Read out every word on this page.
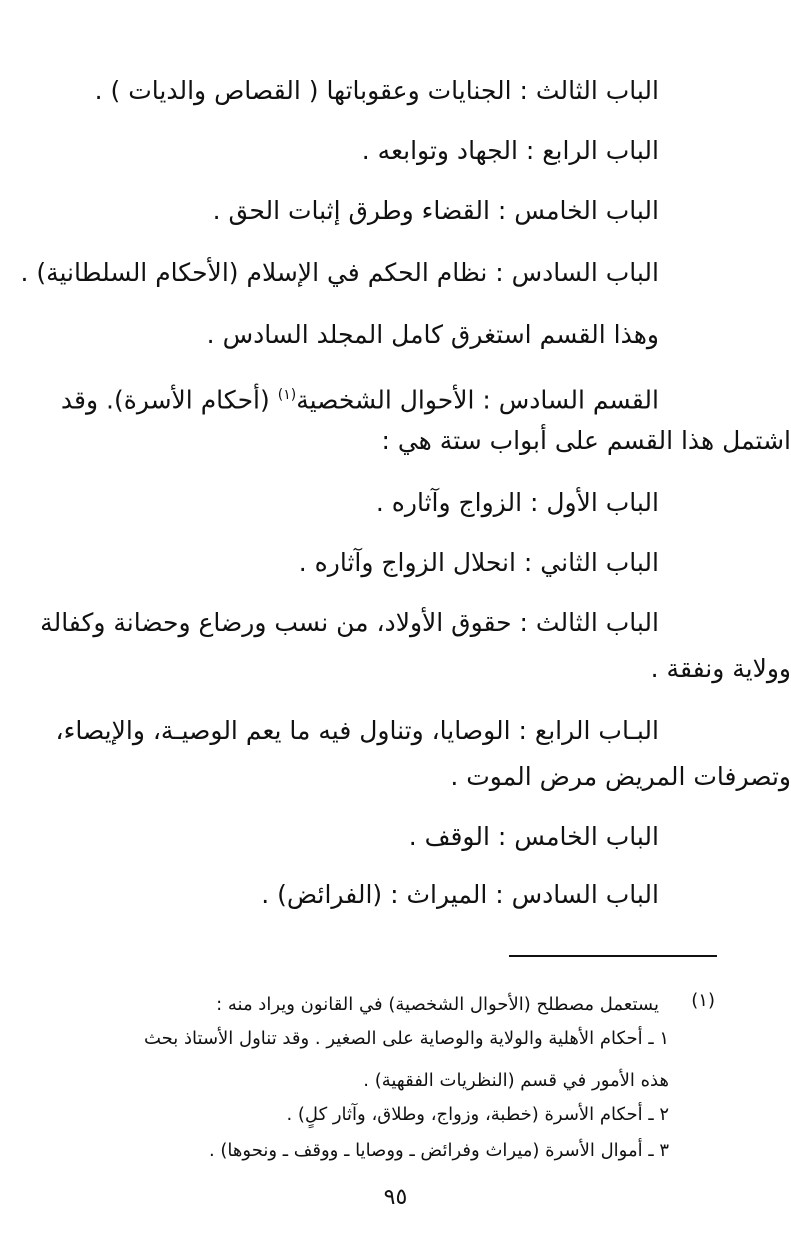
الباب الثالث : الجنايات وعقوباتها ( القصاص والديات ) .

الباب الرابع : الجهاد وتوابعه .

الباب الخامس : القضاء وطرق إثبات الحق .

الباب السادس : نظام الحكم في الإسلام (الأحكام السلطانية) .

وهذا القسم استغرق كامل المجلد السادس .

القسم السادس : الأحوال الشخصية$^{(١)}$ (أحكام الأسرة). وقد

اشتمل هذا القسم على أبواب ستة هي :

الباب الأول : الزواج وآثاره .

الباب الثاني : انحلال الزواج وآثاره .

الباب الثالث : حقوق الأولاد، من نسب ورضاع وحضانة وكفالة

وولاية ونفقة .

البـاب الرابع : الوصايا، وتناول فيه ما يعم الوصيـة، والإيصاء،

وتصرفات المريض مرض الموت .

الباب الخامس : الوقف .

الباب السادس : الميراث : (الفرائض) .

(١)

يستعمل مصطلح (الأحوال الشخصية) في القانون ويراد منه :

١ ـ أحكام الأهلية والولاية والوصاية على الصغير . وقد تناول الأستاذ بحث

هذه الأمور في قسم (النظريات الفقهية) .

٢ ـ أحكام الأسرة (خطبة، وزواج، وطلاق، وآثار كلٍ) .

٣ ـ أموال الأسرة (ميراث وفرائض ـ ووصايا ـ ووقف ـ ونحوها) .

٩٥
